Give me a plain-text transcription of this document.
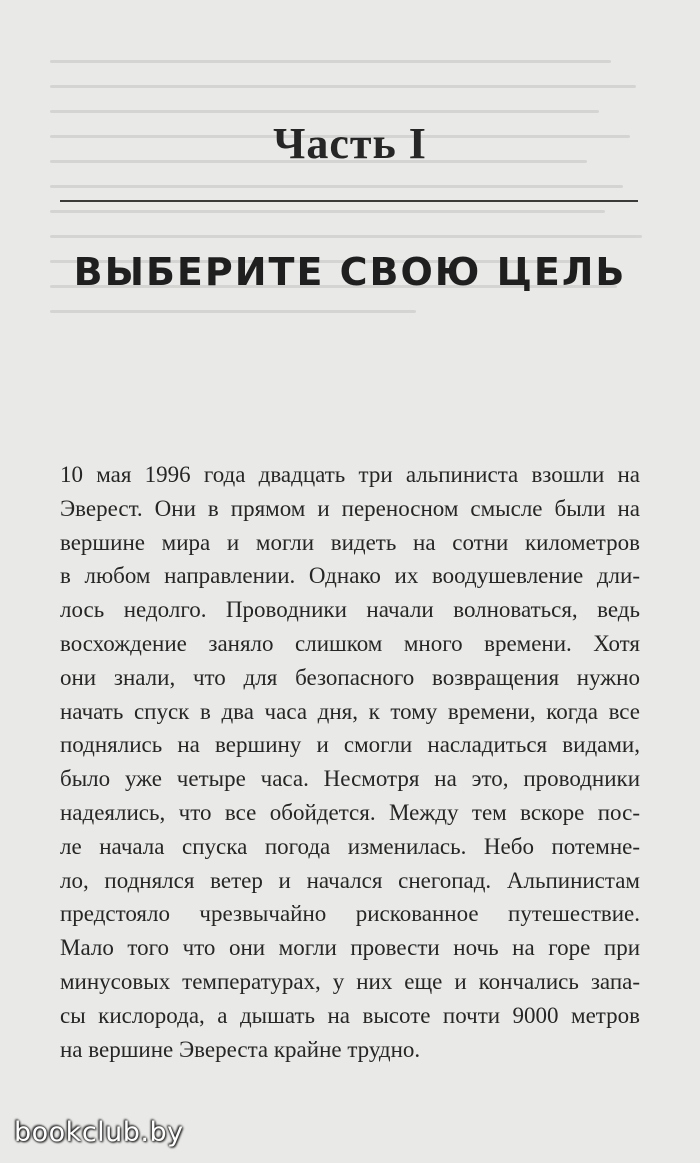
Часть I
ВЫБЕРИТЕ СВОЮ ЦЕЛЬ
10 мая 1996 года двадцать три альпиниста взошли на
Эверест. Они в прямом и переносном смысле были на
вершине мира и могли видеть на сотни километров
в любом направлении. Однако их воодушевление дли-
лось недолго. Проводники начали волноваться, ведь
восхождение заняло слишком много времени. Хотя
они знали, что для безопасного возвращения нужно
начать спуск в два часа дня, к тому времени, когда все
поднялись на вершину и смогли насладиться видами,
было уже четыре часа. Несмотря на это, проводники
надеялись, что все обойдется. Между тем вскоре пос-
ле начала спуска погода изменилась. Небо потемне-
ло, поднялся ветер и начался снегопад. Альпинистам
предстояло чрезвычайно рискованное путешествие.
Мало того что они могли провести ночь на горе при
минусовых температурах, у них еще и кончались запа-
сы кислорода, а дышать на высоте почти 9000 метров
на вершине Эвереста крайне трудно.
bookclub.by
